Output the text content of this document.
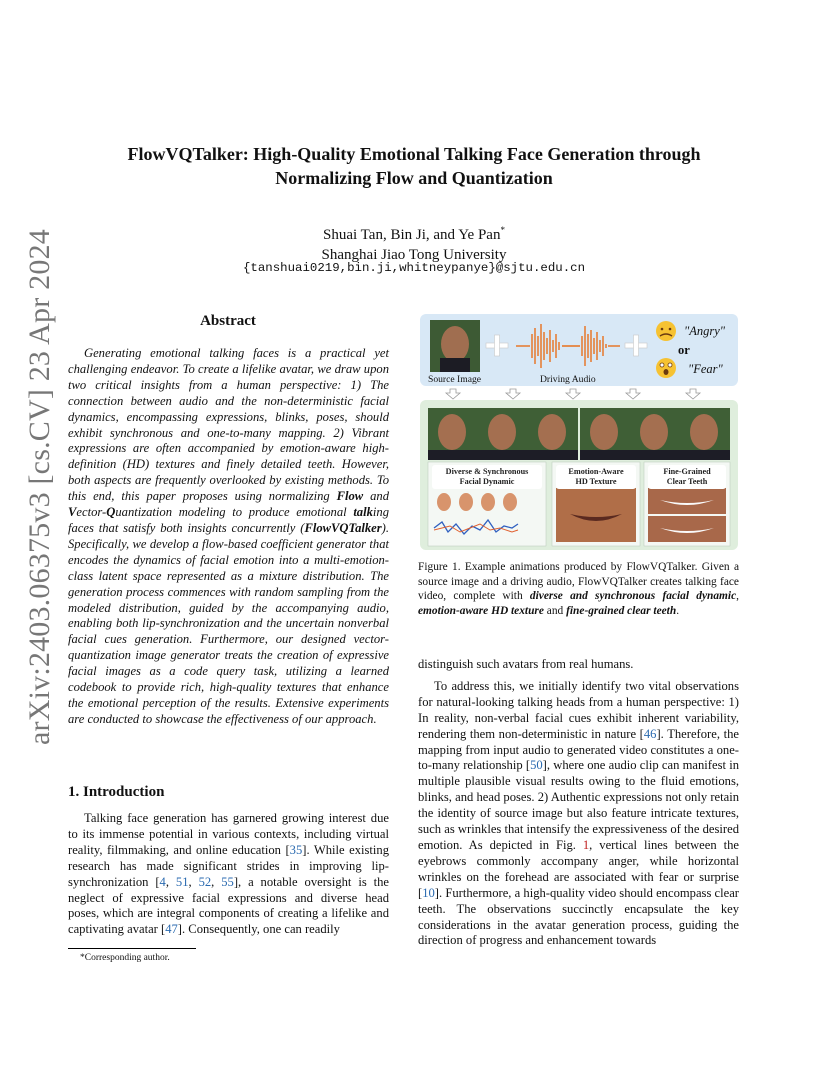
arXiv:2403.06375v3 [cs.CV] 23 Apr 2024
FlowVQTalker: High-Quality Emotional Talking Face Generation through
Normalizing Flow and Quantization
Shuai Tan, Bin Ji, and Ye Pan*
Shanghai Jiao Tong University
{tanshuai0219,bin.ji,whitneypanye}@sjtu.edu.cn
Abstract

Generating emotional talking faces is a practical yet challenging endeavor. To create a lifelike avatar, we draw upon two critical insights from a human perspective: 1) The connection between audio and the non-deterministic facial dynamics, encompassing expressions, blinks, poses, should exhibit synchronous and one-to-many mapping. 2) Vibrant expressions are often accompanied by emotion-aware high-definition (HD) textures and finely detailed teeth. However, both aspects are frequently overlooked by existing methods. To this end, this paper proposes using normalizing Flow and Vector-Quantization modeling to produce emotional talking faces that satisfy both insights concurrently (FlowVQTalker). Specifically, we develop a flow-based coefficient generator that encodes the dynamics of facial emotion into a multi-emotion-class latent space represented as a mixture distribution. The generation process commences with random sampling from the modeled distribution, guided by the accompanying audio, enabling both lip-synchronization and the uncertain nonverbal facial cues generation. Furthermore, our designed vector-quantization image generator treats the creation of expressive facial images as a code query task, utilizing a learned codebook to provide rich, high-quality textures that enhance the emotional perception of the results. Extensive experiments are conducted to showcase the effectiveness of our approach.

1. Introduction

Talking face generation has garnered growing interest due to its immense potential in various contexts, including virtual reality, filmmaking, and online education [35]. While existing research has made significant strides in improving lip-synchronization [4, 51, 52, 55], a notable oversight is the neglect of expressive facial expressions and diverse head poses, which are integral components of creating a lifelike and captivating avatar [47]. Consequently, one can readily

*Corresponding author.
Source Image	Driving Audio
"Angry"
or
"Fear"
Diverse & Synchronous
Facial Dynamic
Emotion-Aware
HD Texture
Fine-Grained
Clear Teeth
Figure 1. Example animations produced by FlowVQTalker. Given a source image and a driving audio, FlowVQTalker creates talking face video, complete with diverse and synchronous facial dynamic, emotion-aware HD texture and fine-grained clear teeth.

distinguish such avatars from real humans.

To address this, we initially identify two vital observations for natural-looking talking heads from a human perspective: 1) In reality, non-verbal facial cues exhibit inherent variability, rendering them non-deterministic in nature [46]. Therefore, the mapping from input audio to generated video constitutes a one-to-many relationship [50], where one audio clip can manifest in multiple plausible visual results owing to the fluid emotions, blinks, and head poses. 2) Authentic expressions not only retain the identity of source image but also feature intricate textures, such as wrinkles that intensify the expressiveness of the desired emotion. As depicted in Fig. 1, vertical lines between the eyebrows commonly accompany anger, while horizontal wrinkles on the forehead are associated with fear or surprise [10]. Furthermore, a high-quality video should encompass clear teeth. The observations succinctly encapsulate the key considerations in the avatar generation process, guiding the direction of progress and enhancement towards
